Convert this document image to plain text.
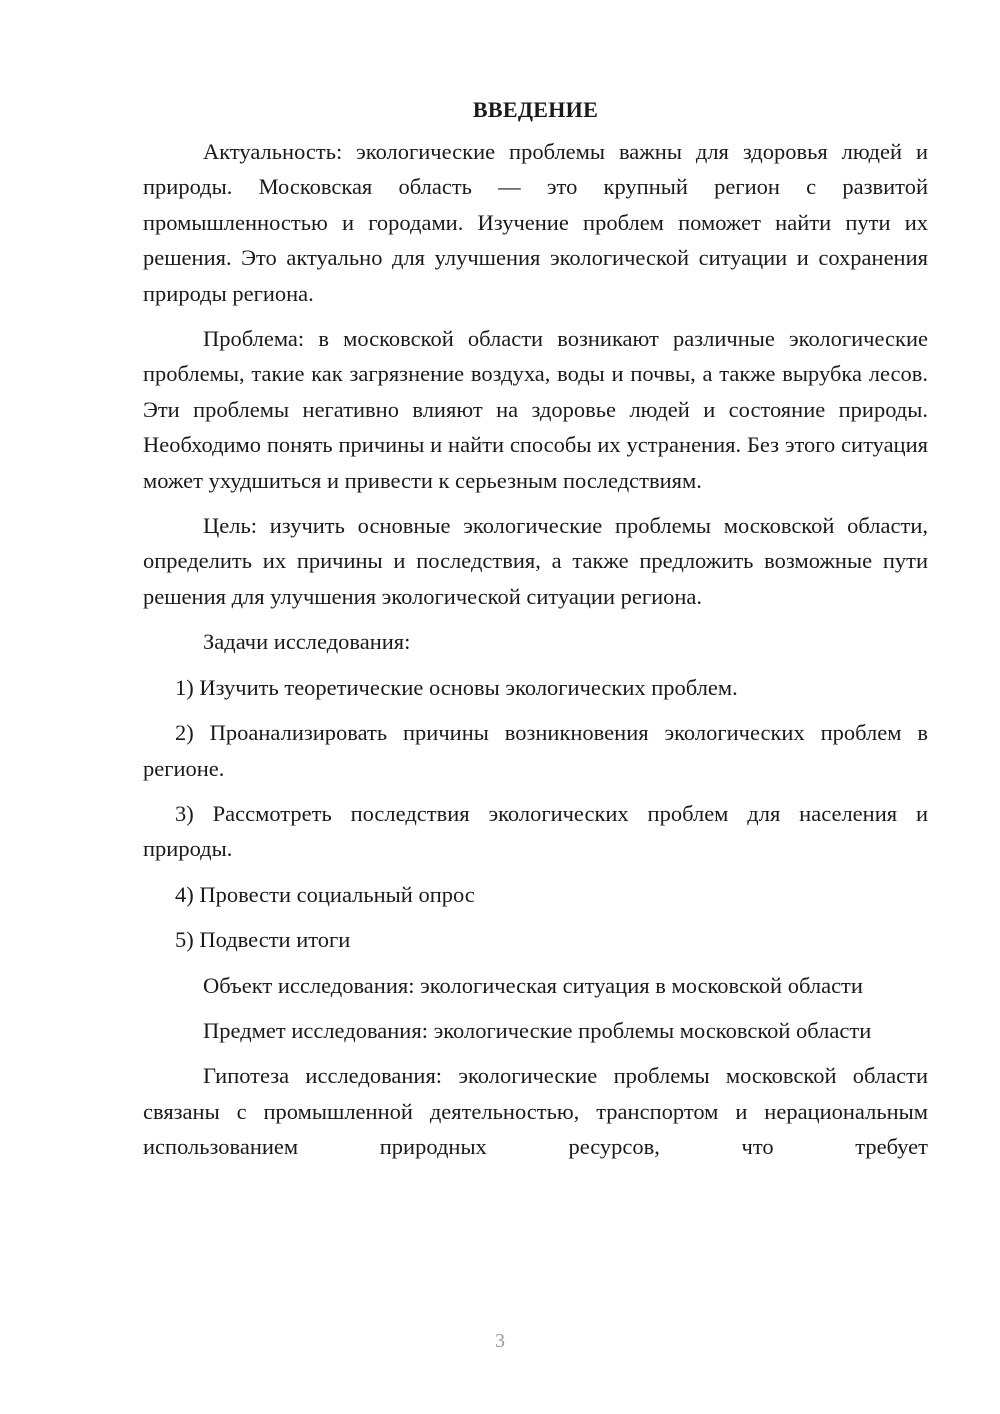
ВВЕДЕНИЕ

Актуальность: экологические проблемы важны для здоровья людей и природы. Московская область — это крупный регион с развитой промышленностью и городами. Изучение проблем поможет найти пути их решения. Это актуально для улучшения экологической ситуации и сохранения природы региона.

Проблема: в московской области возникают различные экологические проблемы, такие как загрязнение воздуха, воды и почвы, а также вырубка лесов. Эти проблемы негативно влияют на здоровье людей и состояние природы. Необходимо понять причины и найти способы их устранения. Без этого ситуация может ухудшиться и привести к серьезным последствиям.

Цель: изучить основные экологические проблемы московской области, определить их причины и последствия, а также предложить возможные пути решения для улучшения экологической ситуации региона.

Задачи исследования:

1) Изучить теоретические основы экологических проблем.

2) Проанализировать причины возникновения экологических проблем в регионе.

3) Рассмотреть последствия экологических проблем для населения и природы.

4) Провести социальный опрос

5) Подвести итоги

Объект исследования: экологическая ситуация в московской области

Предмет исследования: экологические проблемы московской области

Гипотеза исследования: экологические проблемы московской области связаны с промышленной деятельностью, транспортом и нерациональным использованием природных ресурсов, что требует

3
